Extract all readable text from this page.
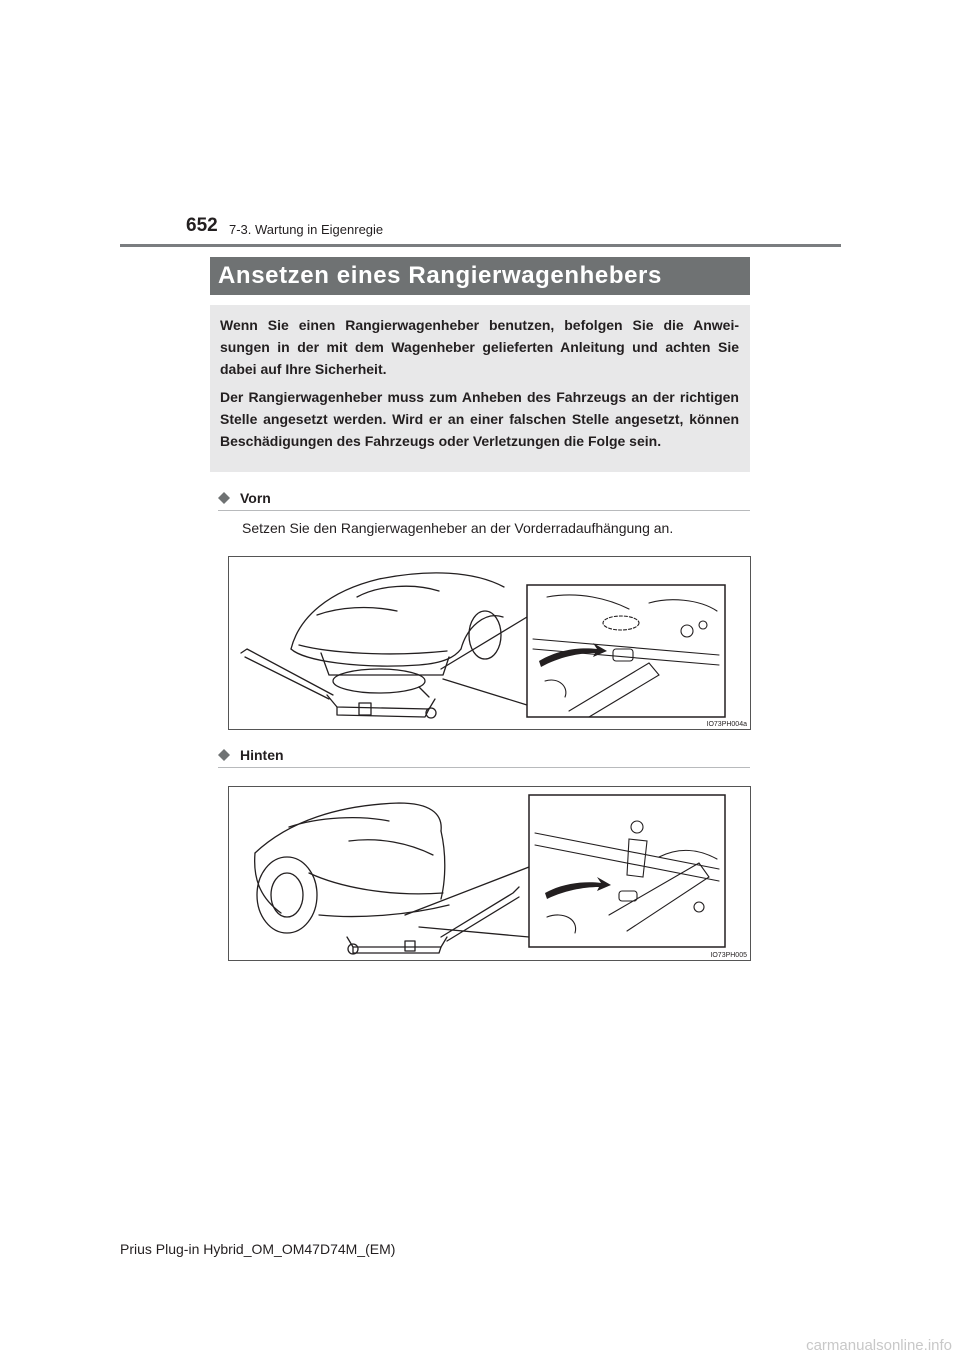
652 7-3. Wartung in Eigenregie
Ansetzen eines Rangierwagenhebers

Wenn Sie einen Rangierwagenheber benutzen, befolgen Sie die Anwei-sungen in der mit dem Wagenheber gelieferten Anleitung und achten Sie dabei auf Ihre Sicherheit.

Der Rangierwagenheber muss zum Anheben des Fahrzeugs an der richtigen Stelle angesetzt werden. Wird er an einer falschen Stelle angesetzt, können Beschädigungen des Fahrzeugs oder Verletzungen die Folge sein.

Vorn
Setzen Sie den Rangierwagenheber an der Vorderradaufhängung an.
IO73PH004a
Hinten
IO73PH005
Prius Plug-in Hybrid_OM_OM47D74M_(EM)
carmanualsonline.info
